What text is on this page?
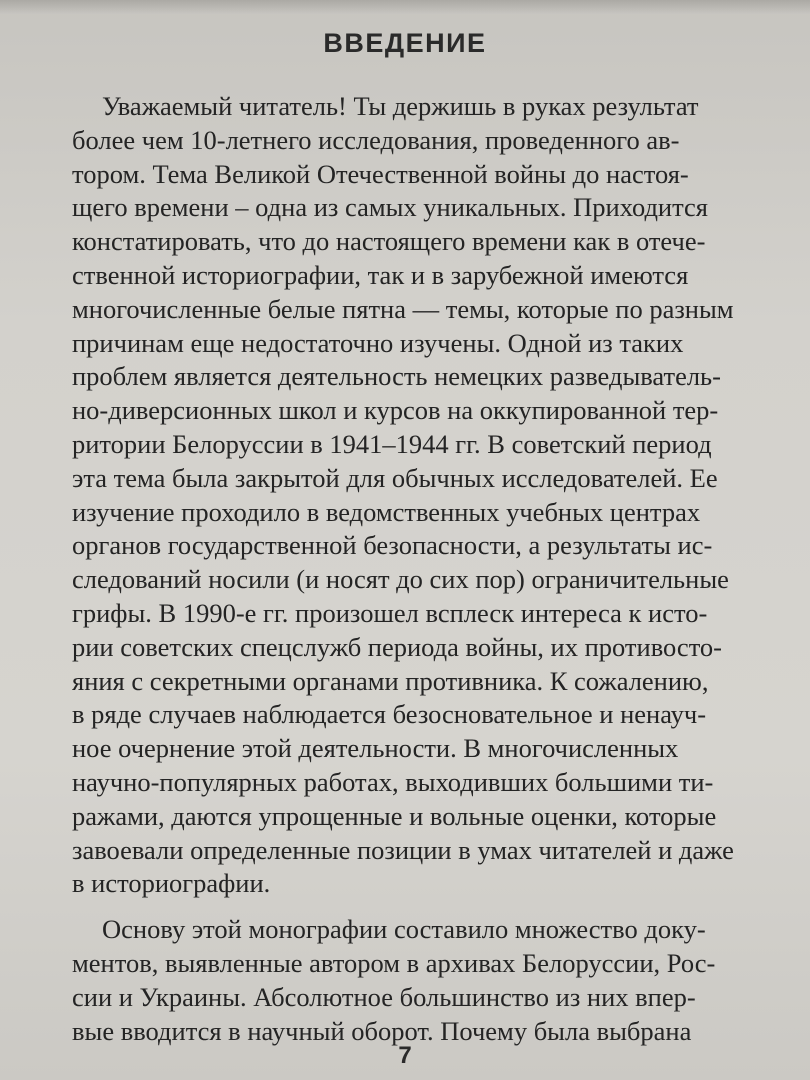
ВВЕДЕНИЕ
Уважаемый читатель! Ты держишь в руках результат
более чем 10-летнего исследования, проведенного ав-
тором. Тема Великой Отечественной войны до настоя-
щего времени – одна из самых уникальных. Приходится
констатировать, что до настоящего времени как в отече-
ственной историографии, так и в зарубежной имеются
многочисленные белые пятна — темы, которые по разным
причинам еще недостаточно изучены. Одной из таких
проблем является деятельность немецких разведыватель-
но-диверсионных школ и курсов на оккупированной тер-
ритории Белоруссии в 1941–1944 гг. В советский период
эта тема была закрытой для обычных исследователей. Ее
изучение проходило в ведомственных учебных центрах
органов государственной безопасности, а результаты ис-
следований носили (и носят до сих пор) ограничительные
грифы. В 1990-е гг. произошел всплеск интереса к исто-
рии советских спецслужб периода войны, их противосто-
яния с секретными органами противника. К сожалению,
в ряде случаев наблюдается безосновательное и ненауч-
ное очернение этой деятельности. В многочисленных
научно-популярных работах, выходивших большими ти-
ражами, даются упрощенные и вольные оценки, которые
завоевали определенные позиции в умах читателей и даже
в историографии.
Основу этой монографии составило множество доку-
ментов, выявленные автором в архивах Белоруссии, Рос-
сии и Украины. Абсолютное большинство из них впер-
вые вводится в научный оборот. Почему была выбрана
7
